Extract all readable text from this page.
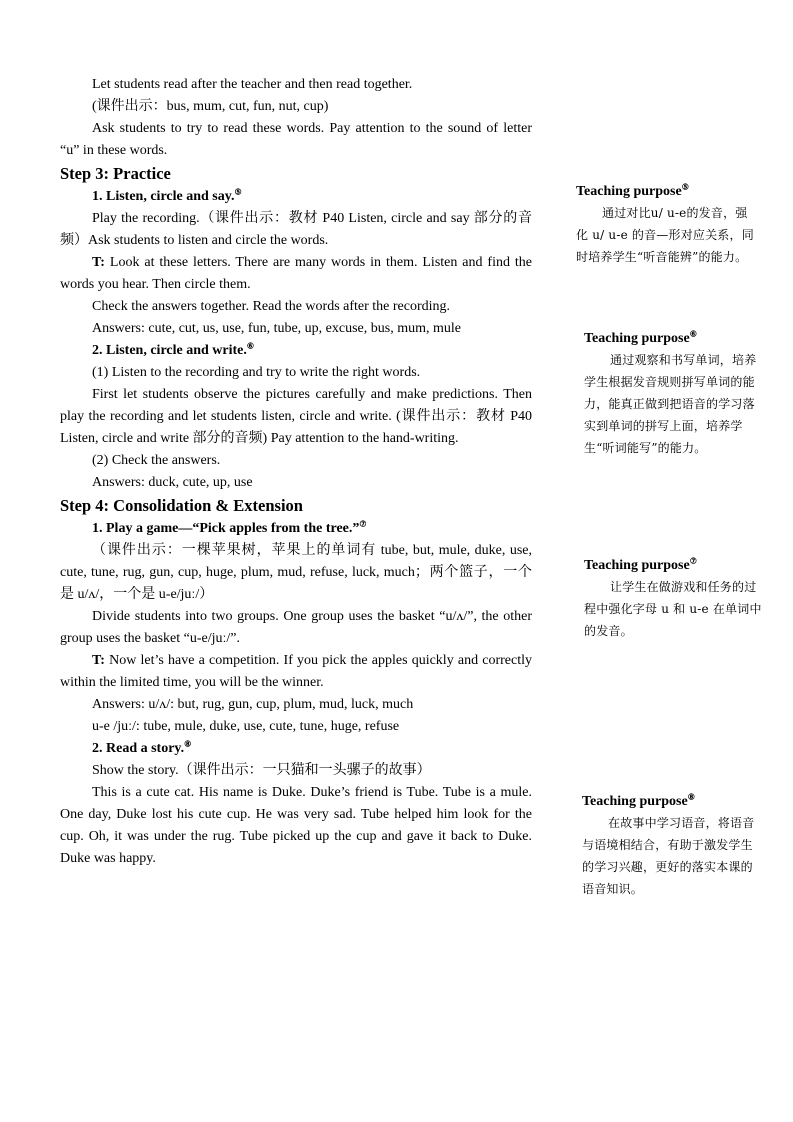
Let students read after the teacher and then read together.

(课件出示：bus, mum, cut, fun, nut, cup)

Ask students to try to read these words. Pay attention to the sound of letter “u” in these words.

Step 3: Practice

1. Listen, circle and say.⑤

Play the recording.（课件出示：教材 P40 Listen, circle and say 部分的音频）Ask students to listen and circle the words.

T: Look at these letters. There are many words in them. Listen and find the words you hear. Then circle them.

Check the answers together. Read the words after the recording.

Answers: cute, cut, us, use, fun, tube, up, excuse, bus, mum, mule

2. Listen, circle and write.⑥

(1) Listen to the recording and try to write the right words.

First let students observe the pictures carefully and make predictions. Then play the recording and let students listen, circle and write. (课件出示：教材 P40 Listen, circle and write 部分的音频) Pay attention to the hand-writing.

(2) Check the answers.

Answers: duck, cute, up, use

Step 4: Consolidation & Extension

1. Play a game—“Pick apples from the tree.”⑦

（课件出示：一棵苹果树，苹果上的单词有 tube, but, mule, duke, use, cute, tune, rug, gun, cup, huge, plum, mud, refuse, luck, much；两个篮子，一个是 u/ʌ/，一个是 u-e/juː/）

Divide students into two groups. One group uses the basket “u/ʌ/”, the other group uses the basket “u-e/juː/”.

T: Now let’s have a competition. If you pick the apples quickly and correctly within the limited time, you will be the winner.

Answers: u/ʌ/: but, rug, gun, cup, plum, mud, luck, much

u-e /juː/: tube, mule, duke, use, cute, tune, huge, refuse

2. Read a story.⑧

Show the story.（课件出示：一只猫和一头骡子的故事）

This is a cute cat. His name is Duke. Duke’s friend is Tube. Tube is a mule. One day, Duke lost his cute cup. He was very sad. Tube helped him look for the cup. Oh, it was under the rug. Tube picked up the cup and gave it back to Duke. Duke was happy.

Teaching purpose⑤

通过对比u/ u-e的发音，强化 u/ u-e 的音—形对应关系，同时培养学生“听音能辨”的能力。

Teaching purpose⑥

通过观察和书写单词，培养学生根据发音规则拼写单词的能力，能真正做到把语音的学习落实到单词的拼写上面，培养学生“听词能写”的能力。

Teaching purpose⑦

让学生在做游戏和任务的过程中强化字母 u 和 u-e 在单词中的发音。

Teaching purpose⑧

在故事中学习语音，将语音与语境相结合，有助于激发学生的学习兴趣，更好的落实本课的语音知识。
